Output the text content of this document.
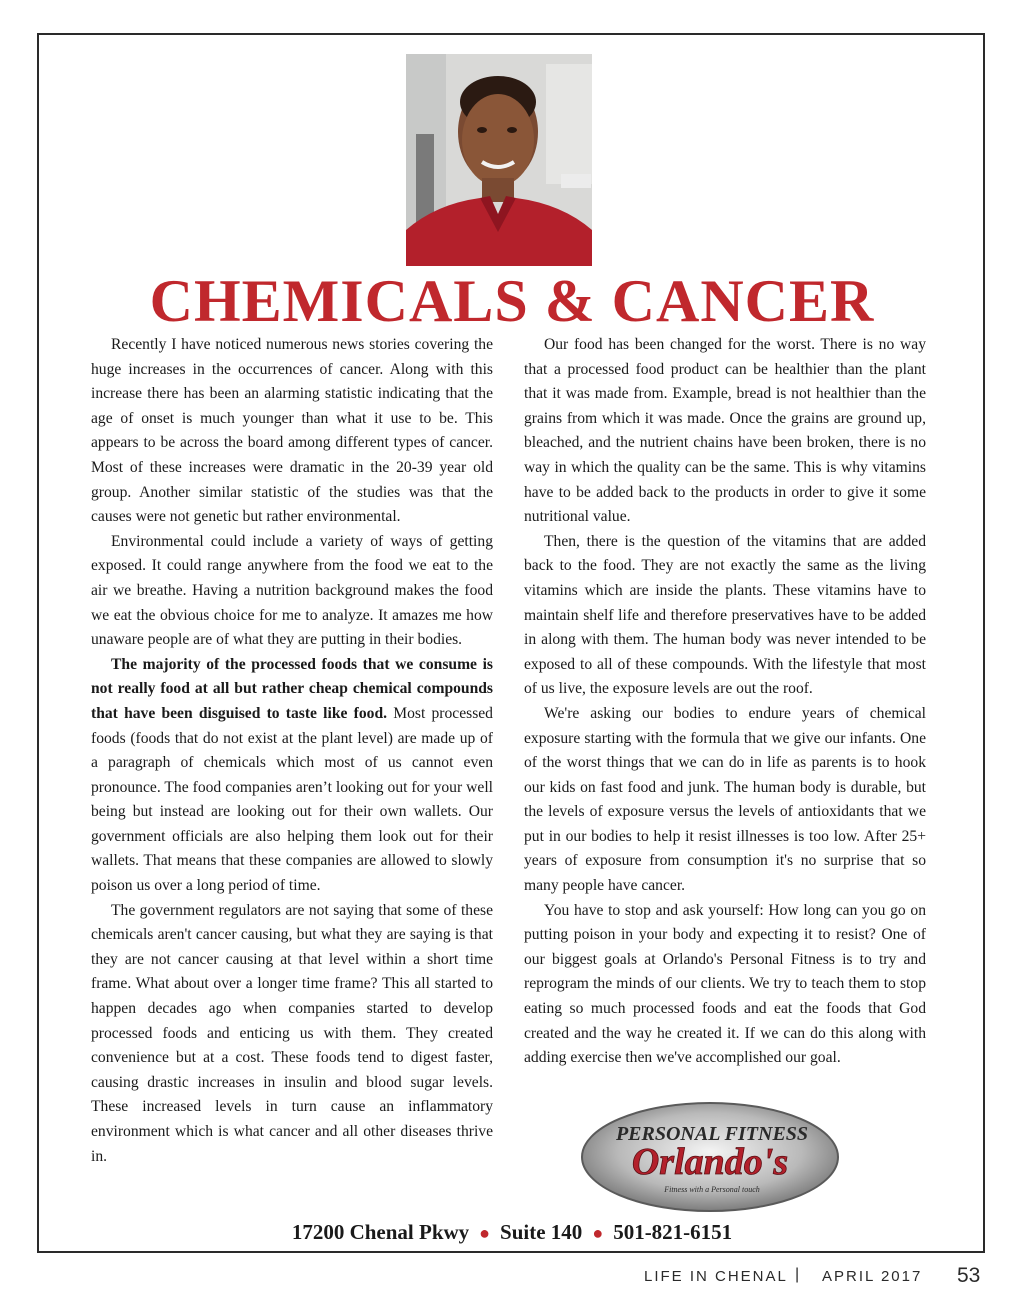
CHEMICALS & CANCER

Recently I have noticed numerous news stories covering the huge increases in the occurrences of cancer. Along with this increase there has been an alarming statistic indicating that the age of onset is much younger than what it use to be. This appears to be across the board among different types of cancer. Most of these increases were dramatic in the 20-39 year old group. Another similar statistic of the studies was that the causes were not genetic but rather environmental.

Environmental could include a variety of ways of getting exposed. It could range anywhere from the food we eat to the air we breathe. Having a nutrition background makes the food we eat the obvious choice for me to analyze. It amazes me how unaware people are of what they are putting in their bodies.

The majority of the processed foods that we consume is not really food at all but rather cheap chemical compounds that have been disguised to taste like food. Most processed foods (foods that do not exist at the plant level) are made up of a paragraph of chemicals which most of us cannot even pronounce. The food companies aren’t looking out for your well being but instead are looking out for their own wallets. Our government officials are also helping them look out for their wallets. That means that these companies are allowed to slowly poison us over a long period of time.

The government regulators are not saying that some of these chemicals aren't cancer causing, but what they are saying is that they are not cancer causing at that level within a short time frame. What about over a longer time frame? This all started to happen decades ago when companies started to develop processed foods and enticing us with them. They created convenience but at a cost. These foods tend to digest faster, causing drastic increases in insulin and blood sugar levels. These increased levels in turn cause an inflammatory environment which is what cancer and all other diseases thrive in.

Our food has been changed for the worst. There is no way that a processed food product can be healthier than the plant that it was made from. Example, bread is not healthier than the grains from which it was made. Once the grains are ground up, bleached, and the nutrient chains have been broken, there is no way in which the quality can be the same. This is why vitamins have to be added back to the products in order to give it some nutritional value.

Then, there is the question of the vitamins that are added back to the food. They are not exactly the same as the living vitamins which are inside the plants. These vitamins have to maintain shelf life and therefore preservatives have to be added in along with them. The human body was never intended to be exposed to all of these compounds. With the lifestyle that most of us live, the exposure levels are out the roof.

We're asking our bodies to endure years of chemical exposure starting with the formula that we give our infants. One of the worst things that we can do in life as parents is to hook our kids on fast food and junk. The human body is durable, but the levels of exposure versus the levels of antioxidants that we put in our bodies to help it resist illnesses is too low. After 25+ years of exposure from consumption it's no surprise that so many people have cancer.

You have to stop and ask yourself: How long can you go on putting poison in your body and expecting it to resist? One of our biggest goals at Orlando's Personal Fitness is to try and reprogram the minds of our clients. We try to teach them to stop eating so much processed foods and eat the foods that God created and the way he created it. If we can do this along with adding exercise then we've accomplished our goal.

PERSONAL FITNESS
Orlando's
Fitness with a Personal touch
17200 Chenal Pkwy ● Suite 140 ● 501-821-6151
LIFE IN CHENAL | APRIL 2017 53
